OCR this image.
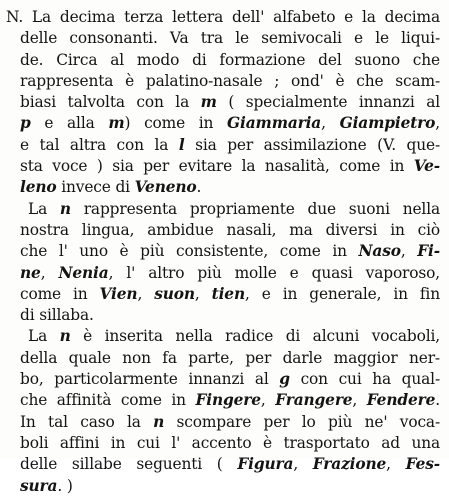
N. La decima terza lettera dell' alfabeto e la decima
delle consonanti. Va tra le semivocali e le liqui-
de. Circa al modo di formazione del suono che
rappresenta è palatino-nasale ; ond' è che scam-
biasi talvolta con la m ( specialmente innanzi al
p e alla m) come in Giammaria, Giampietro,
e tal altra con la l sia per assimilazione (V. que-
sta voce ) sia per evitare la nasalità, come in Ve-
leno invece di Veneno.
La n rappresenta propriamente due suoni nella
nostra lingua, ambidue nasali, ma diversi in ciò
che l' uno è più consistente, come in Naso, Fi-
ne, Nenia, l' altro più molle e quasi vaporoso,
come in Vien, suon, tien, e in generale, in fin
di sillaba.
La n è inserita nella radice di alcuni vocaboli,
della quale non fa parte, per darle maggior ner-
bo, particolarmente innanzi al g con cui ha qual-
che affinità come in Fingere, Frangere, Fendere.
In tal caso la n scompare per lo più ne' voca-
boli affini in cui l' accento è trasportato ad una
delle sillabe seguenti ( Figura, Frazione, Fes-
sura. )
